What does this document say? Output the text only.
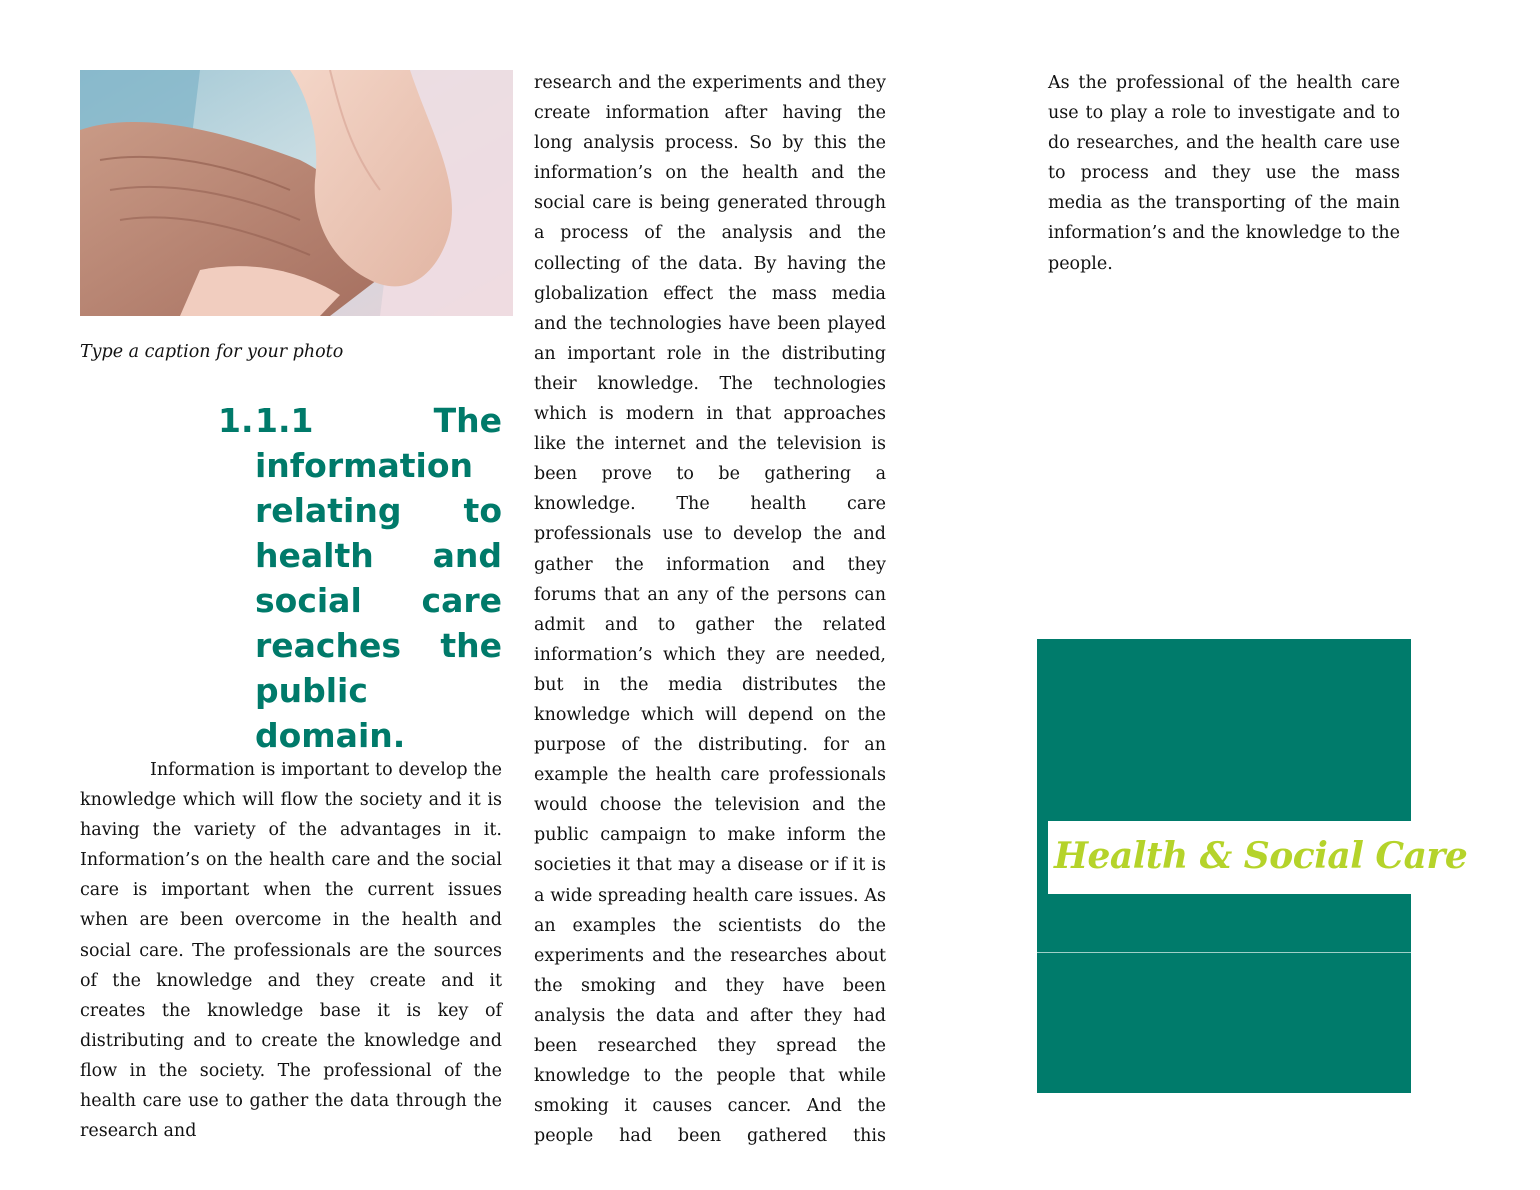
Type a caption for your photo
1. 1.1 The information relating to health and social care reaches the public domain.

Information is important to develop the knowledge which will flow the society and it is having the variety of the advantages in it. Information’s on the health care and the social care is important when the current issues when are been overcome in the health and social care. The professionals are the sources of the knowledge and they create and it creates the knowledge base it is key of distributing and to create the knowledge and flow in the society. The professional of the health care use to gather the data through the research and

research and the experiments and they create information after having the long analysis process. So by this the information’s on the health and the social care is being generated through a process of the analysis and the collecting of the data. By having the globalization effect the mass media and the technologies have been played an important role in the distributing their knowledge. The technologies which is modern in that approaches like the internet and the television is been prove to be gathering a knowledge. The health care professionals use to develop the and gather the information and they forums that an any of the persons can admit and to gather the related information’s which they are needed, but in the media distributes the knowledge which will depend on the purpose of the distributing. for an example the health care professionals would choose the television and the public campaign to make inform the societies it that may a disease or if it is a wide spreading health care issues. As an examples the scientists do the experiments and the researches about the smoking and they have been analysis the data and after they had been researched they spread the knowledge to the people that while smoking it causes cancer. And the people had been gathered this

As the professional of the health care use to play a role to investigate and to do researches, and the health care use to process and they use the mass media as the transporting of the main information’s and the knowledge to the people.

Health & Social Care
